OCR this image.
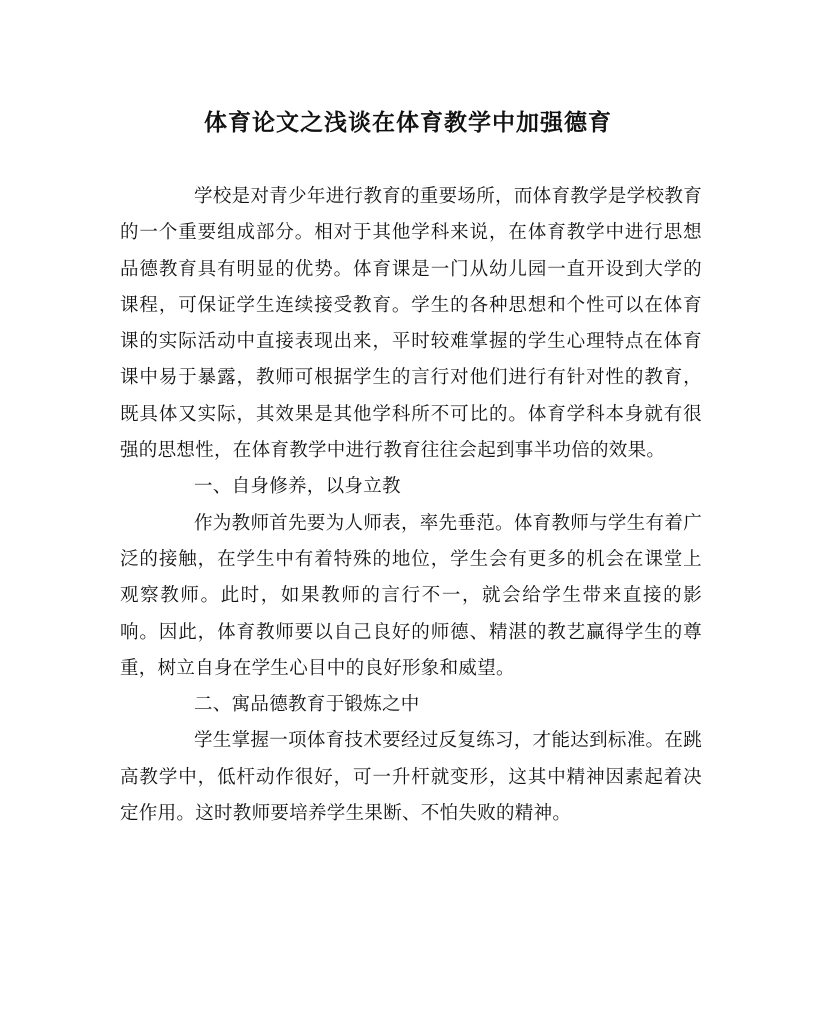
体育论文之浅谈在体育教学中加强德育

学校是对青少年进行教育的重要场所，而体育教学是学校教育的一个重要组成部分。相对于其他学科来说，在体育教学中进行思想品德教育具有明显的优势。体育课是一门从幼儿园一直开设到大学的课程，可保证学生连续接受教育。学生的各种思想和个性可以在体育课的实际活动中直接表现出来，平时较难掌握的学生心理特点在体育课中易于暴露，教师可根据学生的言行对他们进行有针对性的教育，既具体又实际，其效果是其他学科所不可比的。体育学科本身就有很强的思想性，在体育教学中进行教育往往会起到事半功倍的效果。

一、自身修养，以身立教

作为教师首先要为人师表，率先垂范。体育教师与学生有着广泛的接触，在学生中有着特殊的地位，学生会有更多的机会在课堂上观察教师。此时，如果教师的言行不一，就会给学生带来直接的影响。因此，体育教师要以自己良好的师德、精湛的教艺赢得学生的尊重，树立自身在学生心目中的良好形象和威望。

二、寓品德教育于锻炼之中

学生掌握一项体育技术要经过反复练习，才能达到标准。在跳高教学中，低杆动作很好，可一升杆就变形，这其中精神因素起着决定作用。这时教师要培养学生果断、不怕失败的精神。
